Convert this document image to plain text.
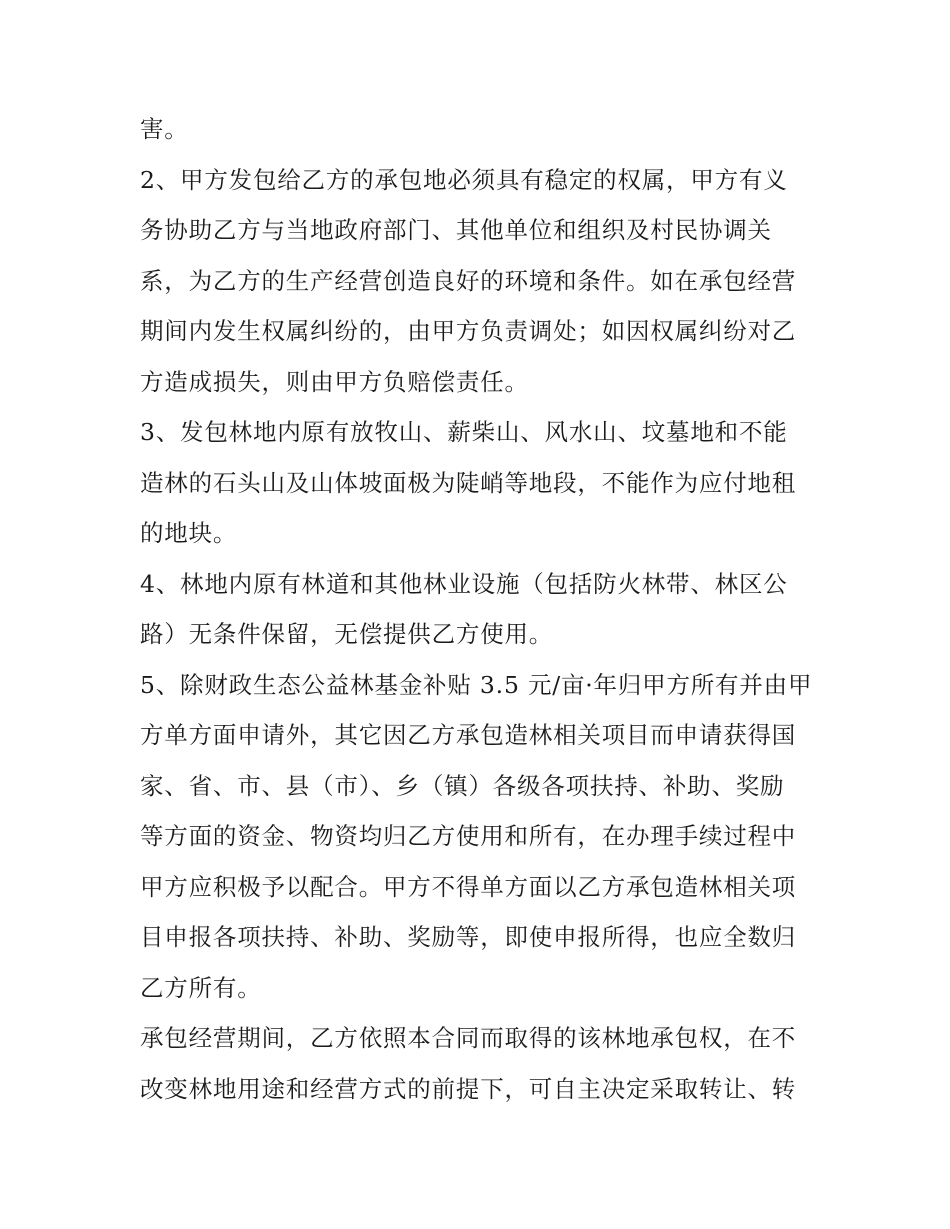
害。
2、甲方发包给乙方的承包地必须具有稳定的权属，甲方有义
务协助乙方与当地政府部门、其他单位和组织及村民协调关
系，为乙方的生产经营创造良好的环境和条件。如在承包经营
期间内发生权属纠纷的，由甲方负责调处；如因权属纠纷对乙
方造成损失，则由甲方负赔偿责任。
3、发包林地内原有放牧山、薪柴山、风水山、坟墓地和不能
造林的石头山及山体坡面极为陡峭等地段，不能作为应付地租
的地块。
4、林地内原有林道和其他林业设施（包括防火林带、林区公
路）无条件保留，无偿提供乙方使用。
5、除财政生态公益林基金补贴 3.5 元/亩·年归甲方所有并由甲
方单方面申请外，其它因乙方承包造林相关项目而申请获得国
家、省、市、县（市）、乡（镇）各级各项扶持、补助、奖励
等方面的资金、物资均归乙方使用和所有，在办理手续过程中
甲方应积极予以配合。甲方不得单方面以乙方承包造林相关项
目申报各项扶持、补助、奖励等，即使申报所得，也应全数归
乙方所有。
承包经营期间，乙方依照本合同而取得的该林地承包权，在不
改变林地用途和经营方式的前提下，可自主决定采取转让、转
